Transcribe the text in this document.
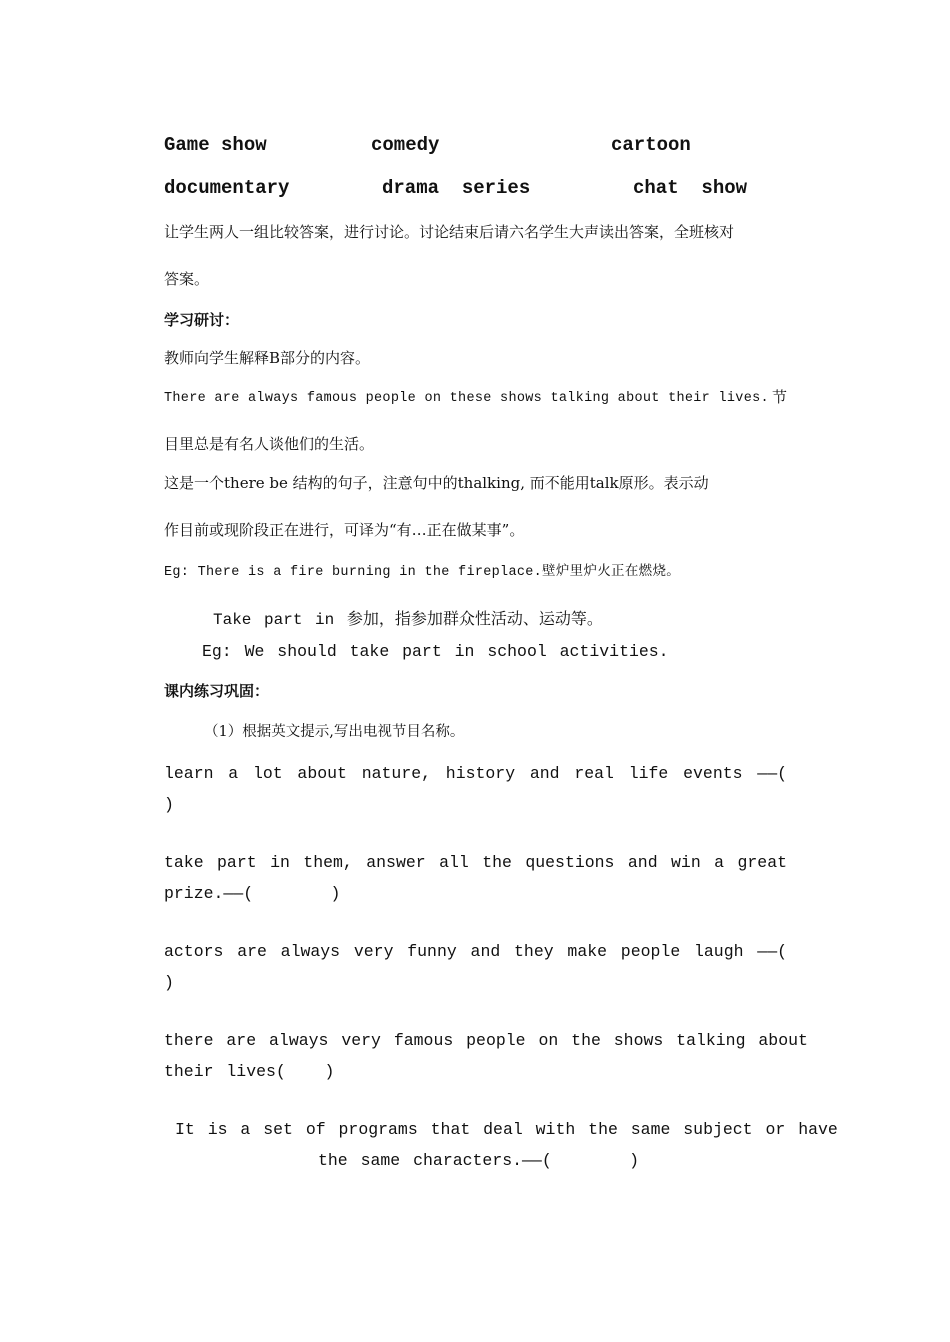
Game show	comedy	cartoon
documentary	drama  series	chat  show
让学生两人一组比较答案，进行讨论。讨论结束后请六名学生大声读出答案，全班核对
答案。
学习研讨：
教师向学生解释B部分的内容。
There are always famous people on these shows talking about their lives. 节
目里总是有名人谈他们的生活。
这是一个there be 结构的句子，注意句中的thalking, 而不能用talk原形。表示动
作目前或现阶段正在进行，可译为“有…正在做某事”。
Eg: There is a fire burning in the fireplace.壁炉里炉火正在燃烧。
Take part in 参加，指参加群众性活动、运动等。
Eg: We should take part in school activities.
课内练习巩固：
（1）根据英文提示,写出电视节目名称。
learn a lot about nature, history and real life events ——(
)
take part in them, answer all the questions and win a great
prize.——(      )
actors are always very funny and they make people laugh ——(
)
there are always very famous people on the shows talking about
their lives(   )
It is a set of programs that deal with the same subject or have
the same characters.——(      )
